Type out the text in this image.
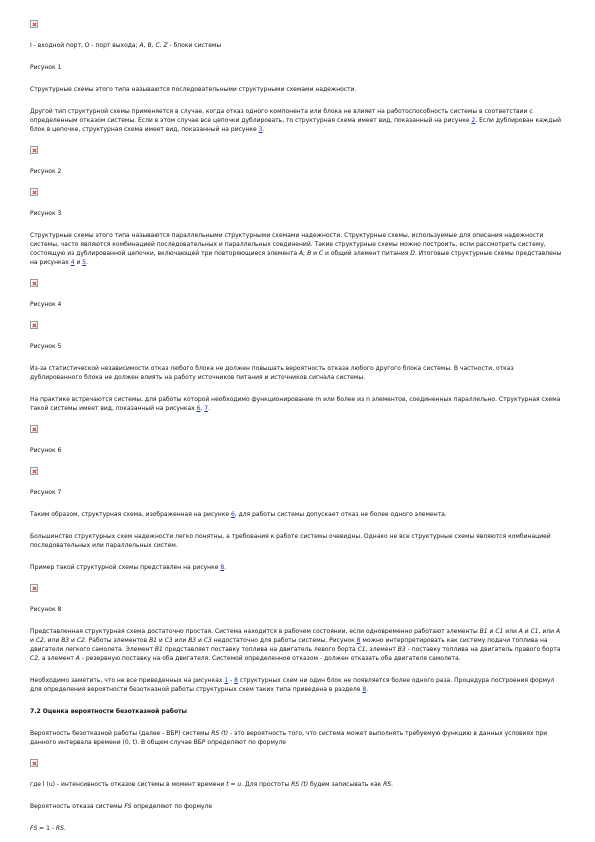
I - входной порт, O - порт выхода; A, B, C, Z - блоки системы

Рисунок 1

Структурные схемы этого типа называются последовательными структурными схемами надежности.

Другой тип структурной схемы применяется в случае, когда отказ одного компонента или блока не влияет на работоспособность системы в соответствии с определенным отказом системы. Если в этом случае все цепочки дублировать, то структурная схема имеет вид, показанный на рисунке 2. Если дублирован каждый блок в цепочке, структурная схема имеет вид, показанный на рисунке 3.

Рисунок 2

Рисунок 3

Структурные схемы этого типа называются параллельными структурными схемами надежности. Структурные схемы, используемые для описания надежности системы, часто являются комбинацией последовательных и параллельных соединений. Такие структурные схемы можно построить, если рассмотреть систему, состоящую из дублированной цепочки, включающей три повторяющиеся элемента A, B и C и общий элемент питания D. Итоговые структурные схемы представлены на рисунках 4 и 5.

Рисунок 4

Рисунок 5

Из-за статистической независимости отказ любого блока не должен повышать вероятность отказа любого другого блока системы. В частности, отказ дублированного блока не должен влиять на работу источников питания и источников сигнала системы.

На практике встречаются системы, для работы которой необходимо функционирование m или более из n элементов, соединенных параллельно. Структурная схема такой системы имеет вид, показанный на рисунках 6, 7.

Рисунок 6

Рисунок 7

Таким образом, структурная схема, изображенная на рисунке 6, для работы системы допускает отказ не более одного элемента.

Большинство структурных схем надежности легко понятны, а требования к работе системы очевидны. Однако не все структурные схемы являются комбинацией последовательных или параллельных систем.

Пример такой структурной схемы представлен на рисунке 8.

Рисунок 8

Представленная структурная схема достаточно простая. Система находится в рабочем состоянии, если одновременно работают элементы B1 и C1 или A и C1, или A и C2, или B3 и C2. Работы элементов B1 и C3 или B3 и C3 недостаточно для работы системы. Рисунок 8 можно интерпретировать как систему подачи топлива на двигатели легкого самолета. Элемент B1 представляет поставку топлива на двигатель левого борта C1, элемент B3 - поставку топлива на двигатель правого борта C2, а элемент A - резервную поставку на оба двигателя. Системой определенное отказом - должен отказать оба двигателя самолета.

Необходимо заметить, что не все приведенных на рисунках 1 - 8 структурных схем ни один блок не появляется более одного раза. Процедура построения формул для определения вероятности безотказной работы структурных схем таких типа приведена в разделе 8.

7.2 Оценка вероятности безотказной работы

Вероятность безотказной работы (далее - ВБР) системы RS (t) - это вероятность того, что система может выполнять требуемую функцию в данных условиях при данного интервала времени (0, t). В общем случае ВБР определяют по формуле

где l (u) - интенсивность отказов системы в момент времени t = u. Для простоты RS (t) будем записывать как RS.

Вероятность отказа системы FS определяют по формуле

FS = 1 - RS.
